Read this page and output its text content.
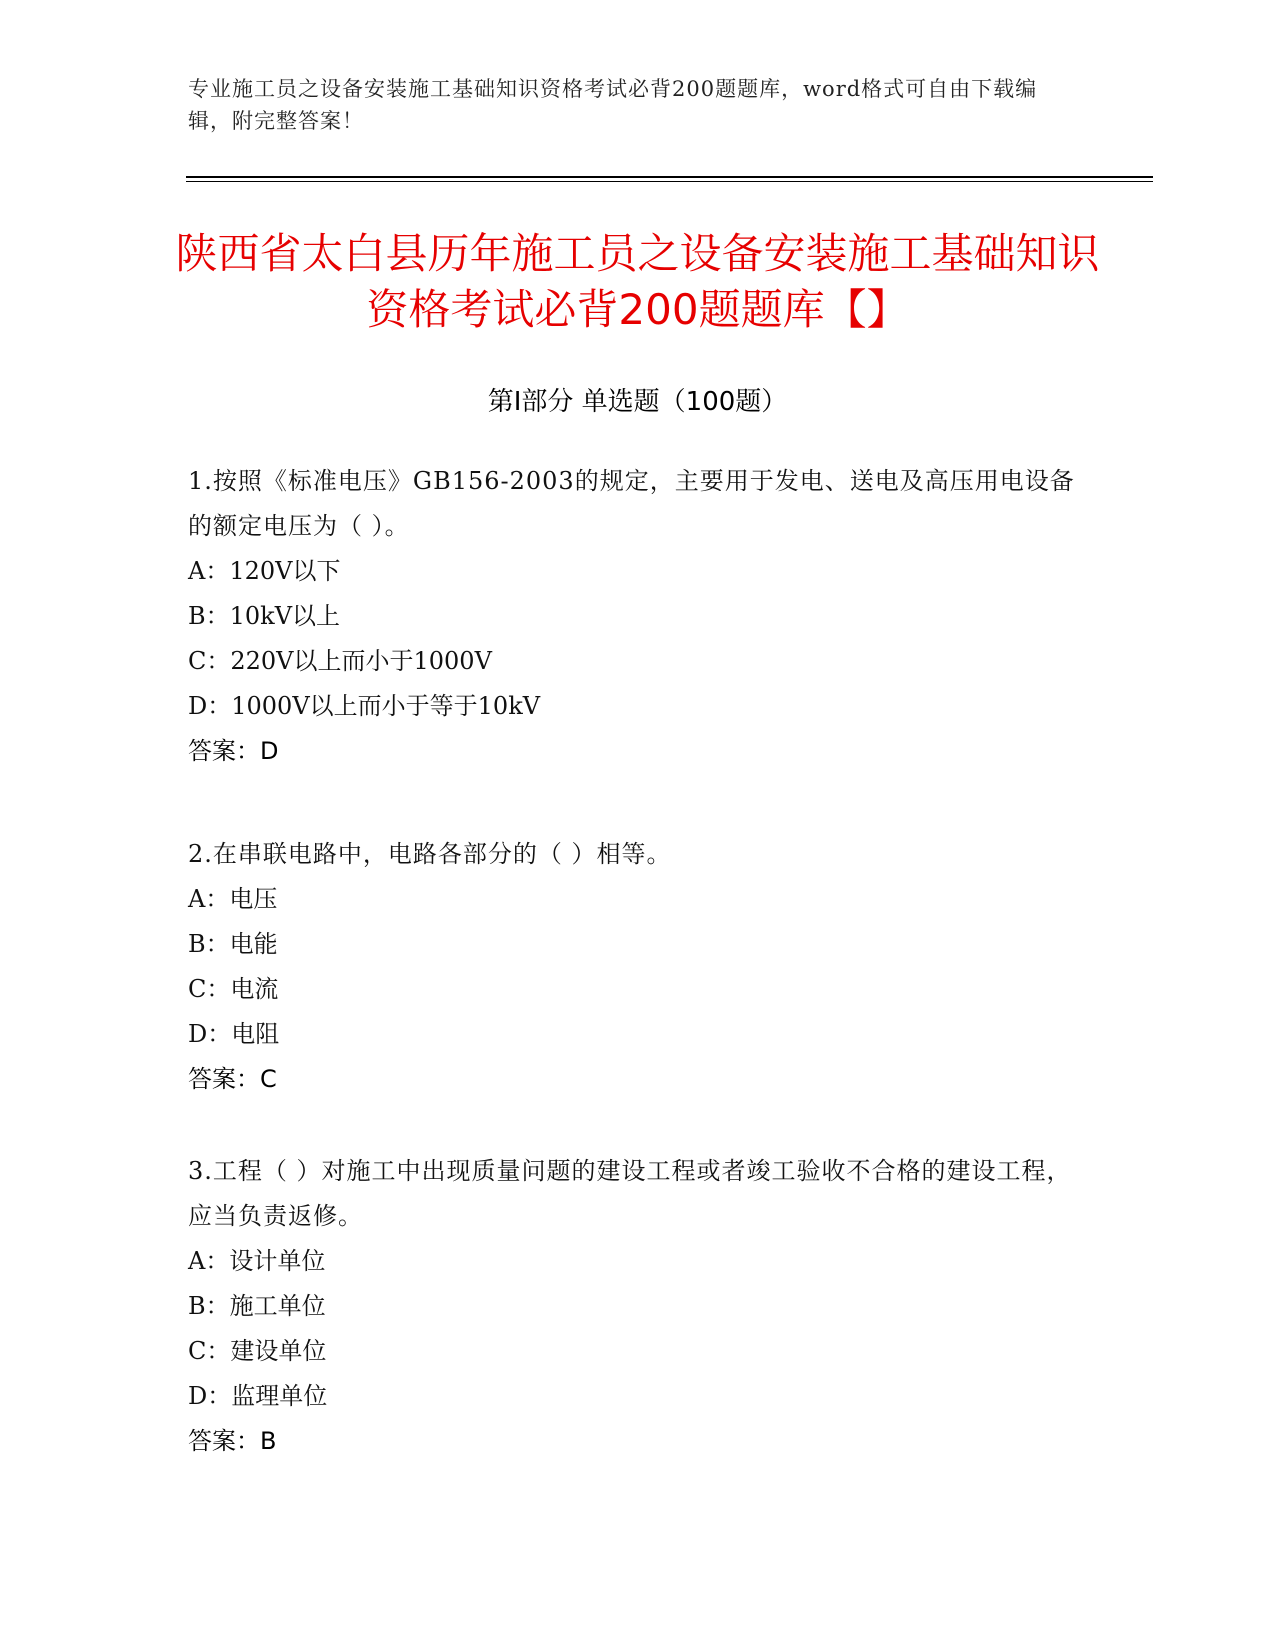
专业施工员之设备安装施工基础知识资格考试必背200题题库，word格式可自由下载编辑，附完整答案！
陕西省太白县历年施工员之设备安装施工基础知识资格考试必背200题题库【】
第I部分 单选题（100题）
1.按照《标准电压》GB156-2003的规定，主要用于发电、送电及高压用电设备的额定电压为（ ）。
A：120V以下
B：10kV以上
C：220V以上而小于1000V
D：1000V以上而小于等于10kV
答案：D
2.在串联电路中，电路各部分的（ ）相等。
A：电压
B：电能
C：电流
D：电阻
答案：C
3.工程（ ）对施工中出现质量问题的建设工程或者竣工验收不合格的建设工程，应当负责返修。
A：设计单位
B：施工单位
C：建设单位
D：监理单位
答案：B
